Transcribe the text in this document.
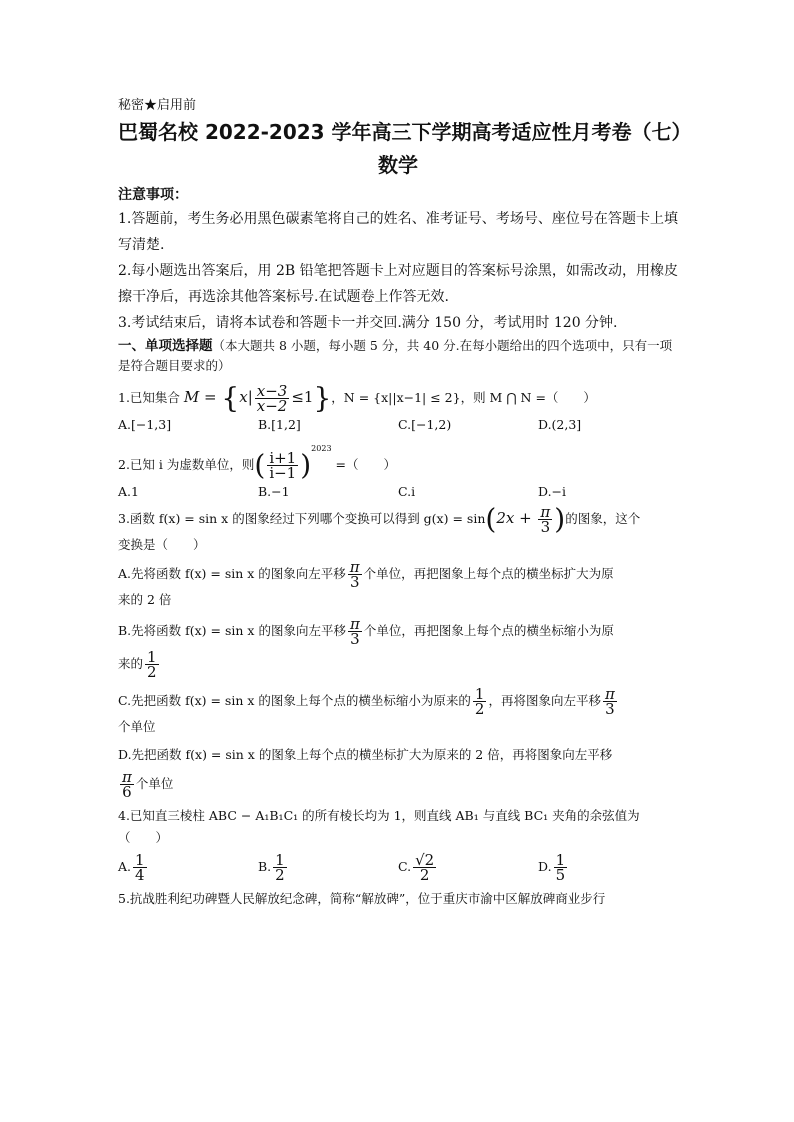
秘密★启用前

巴蜀名校 2022-2023 学年高三下学期高考适应性月考卷（七）

数学

注意事项：

1.答题前，考生务必用黑色碳素笔将自己的姓名、准考证号、考场号、座位号在答题卡上填写清楚.

2.每小题选出答案后，用 2B 铅笔把答题卡上对应题目的答案标号涂黑，如需改动，用橡皮擦干净后，再选涂其他答案标号.在试题卷上作答无效.

3.考试结束后，请将本试卷和答题卡一并交回.满分 150 分，考试用时 120 分钟.

一、单项选择题（本大题共 8 小题，每小题 5 分，共 40 分.在每小题给出的四个选项中，只有一项是符合题目要求的）

1.已知集合 $M = \{x| \frac{x-3}{x-2} \le 1\}$，N = {x||x−1| ≤ 2}，则 M ⋂ N =（　　）
A.[−1,3]	B.[1,2]	C.[−1,2)	D.(2,3]
2.已知 i 为虚数单位，则( $\frac{i+1}{i-1} )^{2023}$ =（　　）
A.1	B.−1	C.i	D.−i
3.函数 f(x) = sin x 的图象经过下列哪个变换可以得到 $g(x) = \sin(2x + \frac{\pi}{3}$ )的图象，这个

变换是（　　）

A.先将函数 f(x) = sin x 的图象向左平移 $\frac{\pi}{3}$ 个单位，再把图象上每个点的横坐标扩大为原

来的 2 倍

B.先将函数 f(x) = sin x 的图象向左平移 $\frac{\pi}{3}$ 个单位，再把图象上每个点的横坐标缩小为原
来的 $\frac{1}{2}$
C.先把函数 f(x) = sin x 的图象上每个点的横坐标缩小为原来的 $\frac{1}{2}$ ，再将图象向左平移 $\frac{\pi}{3}$

个单位

D.先把函数 f(x) = sin x 的图象上每个点的横坐标扩大为原来的 2 倍，再将图象向左平移
$\frac{\pi}{6}$ 个单位

4.已知直三棱柱 ABC − A₁B₁C₁ 的所有棱长均为 1，则直线 AB₁ 与直线 BC₁ 夹角的余弦值为

（　　）

A. $\frac{1}{4}$	B. $\frac{1}{2}$	C. $\frac{√2}{2}$	D. $\frac{1}{5}$

5.抗战胜利纪功碑暨人民解放纪念碑，简称“解放碑”，位于重庆市渝中区解放碑商业步行
